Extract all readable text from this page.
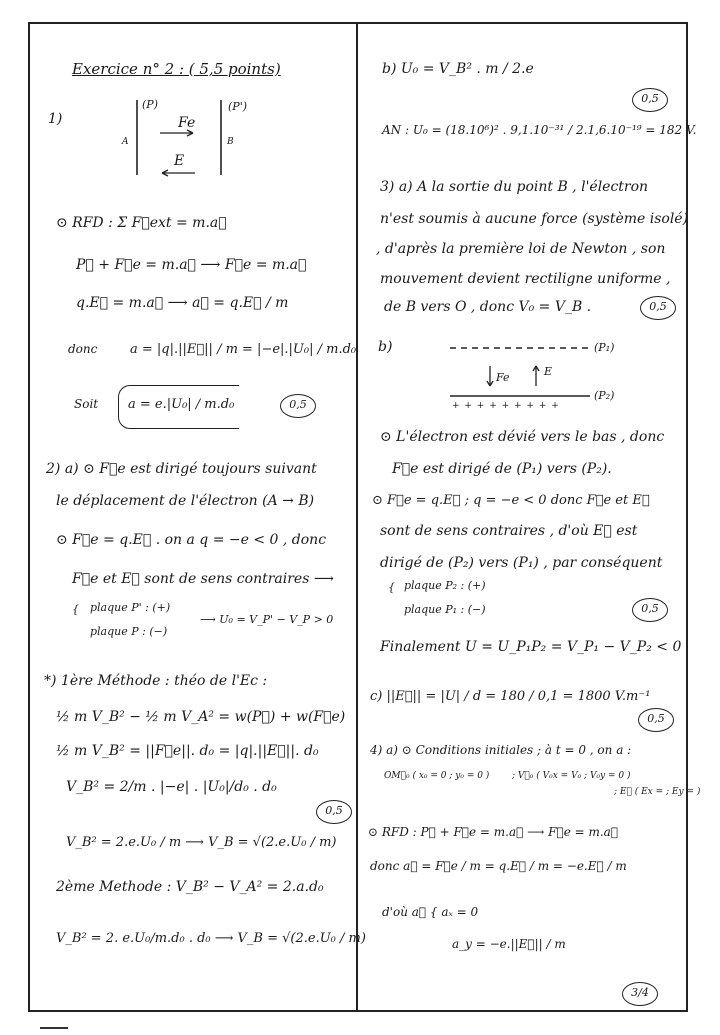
Exercice n° 2 : ( 5,5 points)
1)
(P)	(P')
A	B
Fe
E
⊙ RFD : Σ F⃗ext = m.a⃗
P⃗ + F⃗e = m.a⃗ ⟶ F⃗e = m.a⃗
q.E⃗ = m.a⃗ ⟶ a⃗ = q.E⃗ / m
donc	a = |q|.||E⃗|| / m = |−e|.|U₀| / m.d₀
Soit a = e.|U₀| / m.d₀	0,5
2) a) ⊙ F⃗e est dirigé toujours suivant
le déplacement de l'électron (A → B)
⊙ F⃗e = q.E⃗ . on a q = −e < 0 , donc
F⃗e et E⃗ sont de sens contraires ⟶
{ plaque P' : (+)
plaque P : (−)
⟶ U₀ = V_P' − V_P > 0
*) 1ère Méthode : théo de l'Ec :
½ m V_B² − ½ m V_A² = w(P⃗) + w(F⃗e)
½ m V_B² = ||F⃗e||. d₀ = |q|.||E⃗||. d₀
V_B² = 2/m . |−e| . |U₀|/d₀ . d₀
0,5
V_B² = 2.e.U₀ / m ⟶ V_B = √(2.e.U₀ / m)
2ème Methode : V_B² − V_A² = 2.a.d₀
V_B² = 2. e.U₀/m.d₀ . d₀ ⟶ V_B = √(2.e.U₀ / m)
b) U₀ = V_B² . m / 2.e
0,5
AN : U₀ = (18.10⁶)² . 9,1.10⁻³¹ / 2.1,6.10⁻¹⁹ = 182 V.
3) a) A la sortie du point B , l'électron
n'est soumis à aucune force (système isolé)
, d'après la première loi de Newton , son
mouvement devient rectiligne uniforme ,
de B vers O , donc V₀ = V_B .	0,5
b)	(P₁)
(P₂)
Fe	E
+ + + + + + + + +
⊙ L'électron est dévié vers le bas , donc
F⃗e est dirigé de (P₁) vers (P₂).
⊙ F⃗e = q.E⃗ ; q = −e < 0 donc F⃗e et E⃗
sont de sens contraires , d'où E⃗ est
dirigé de (P₂) vers (P₁) , par conséquent
{ plaque P₂ : (+)
plaque P₁ : (−)	0,5
Finalement U = U_P₁P₂ = V_P₁ − V_P₂ < 0
c) ||E⃗|| = |U| / d = 180 / 0,1 = 1800 V.m⁻¹
0,5
4) a) ⊙ Conditions initiales ; à t = 0 , on a :
OM⃗₀ ( x₀ = 0 ; y₀ = 0 )	; V⃗₀ ( V₀x = V₀ ; V₀y = 0 )
; E⃗ ( Ex = ; Ey = )
⊙ RFD : P⃗ + F⃗e = m.a⃗ ⟶ F⃗e = m.a⃗
donc a⃗ = F⃗e / m = q.E⃗ / m = −e.E⃗ / m
d'où a⃗ { aₓ = 0
a_y = −e.||E⃗|| / m
3/4
